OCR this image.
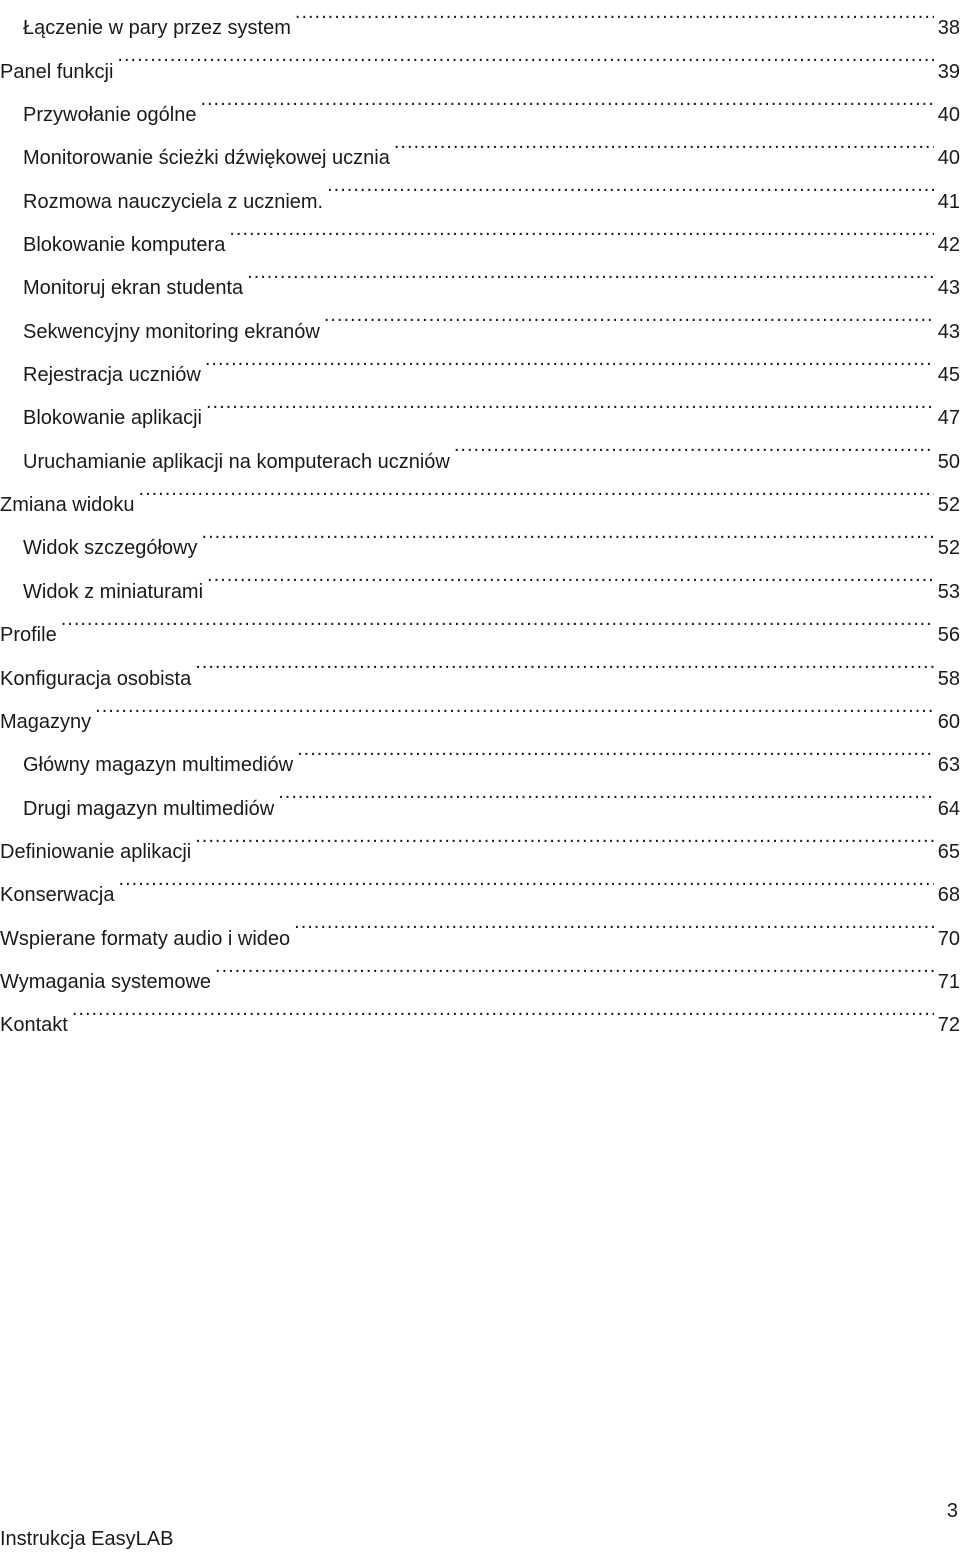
Łączenie w pary przez system .....	38
Panel funkcji .....	39
Przywołanie ogólne .....	40
Monitorowanie ścieżki dźwiękowej ucznia .....	40
Rozmowa nauczyciela z uczniem. .....	41
Blokowanie komputera .....	42
Monitoruj ekran studenta .....	43
Sekwencyjny monitoring ekranów .....	43
Rejestracja uczniów .....	45
Blokowanie aplikacji .....	47
Uruchamianie aplikacji na komputerach uczniów .....	50
Zmiana widoku .....	52
Widok szczegółowy .....	52
Widok z miniaturami .....	53
Profile .....	56
Konfiguracja osobista .....	58
Magazyny .....	60
Główny magazyn multimediów .....	63
Drugi magazyn multimediów .....	64
Definiowanie aplikacji .....	65
Konserwacja .....	68
Wspierane formaty audio i wideo .....	70
Wymagania systemowe .....	71
Kontakt .....	72
Instrukcja EasyLAB
3
